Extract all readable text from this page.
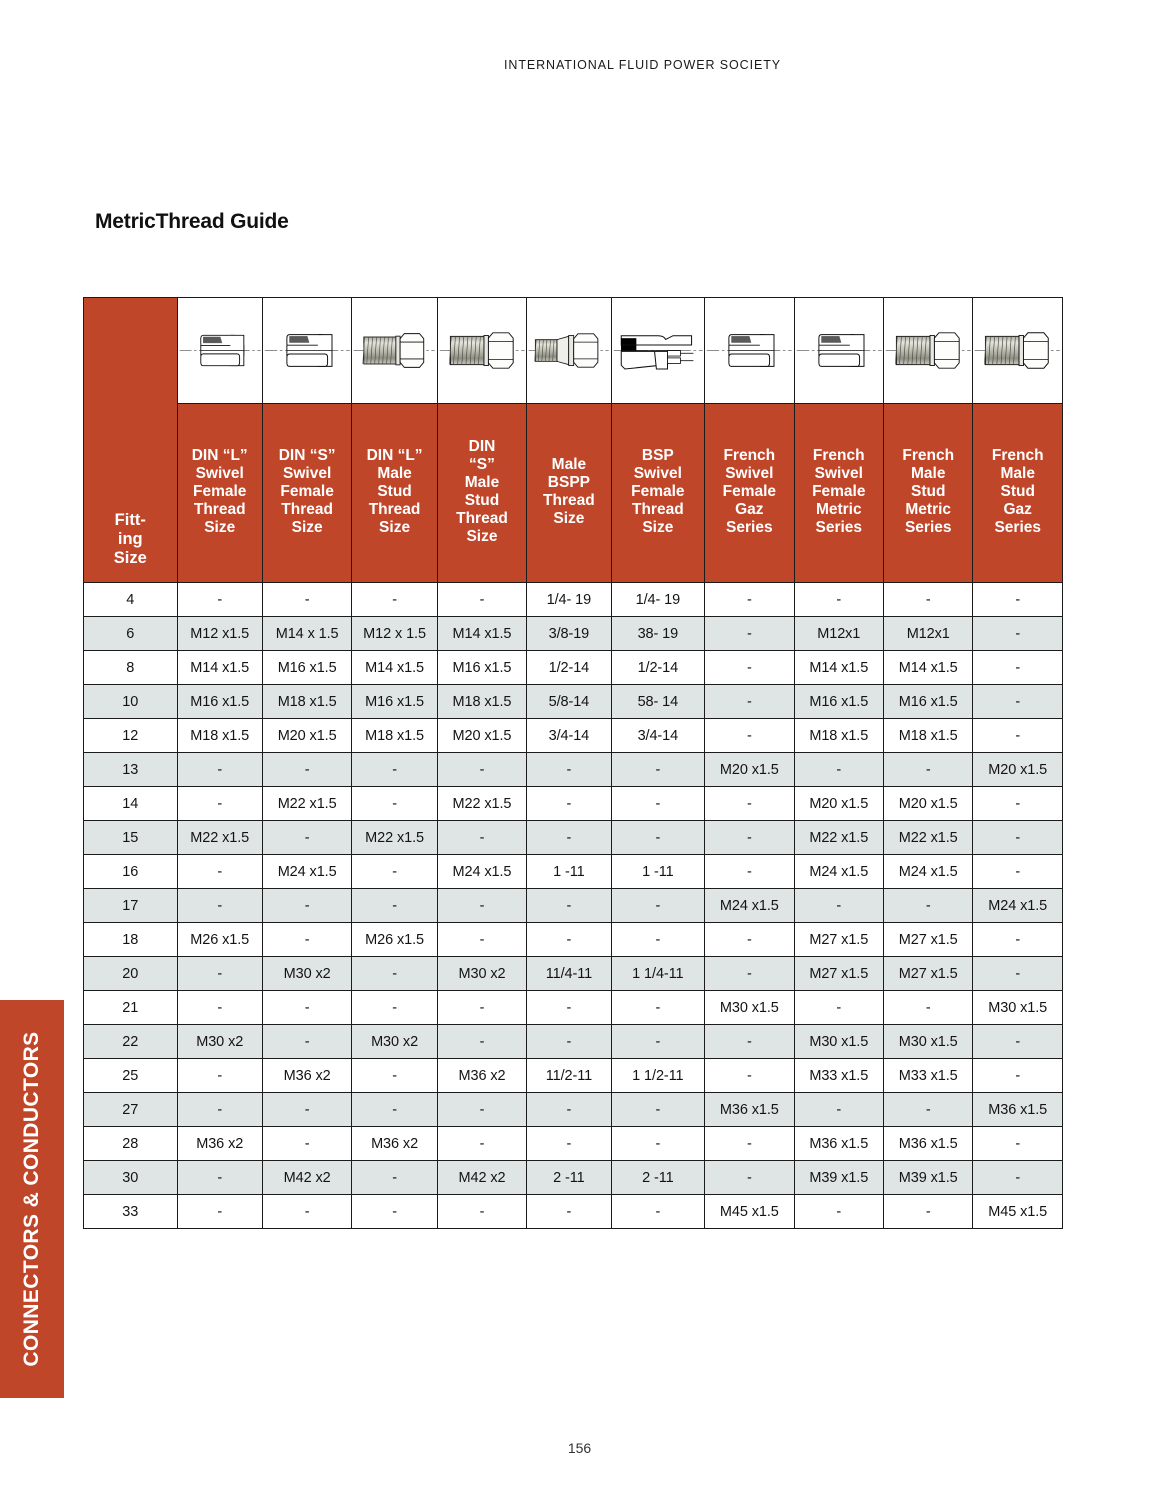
INTERNATIONAL FLUID POWER SOCIETY
MetricThread Guide
CONNECTORS & CONDUCTORS
Fitt-
ing
Size

DIN “L”
Swivel
Female
Thread
Size

DIN “S”
Swivel
Female
Thread
Size

DIN “L”
Male
Stud
Thread
Size

DIN
“S”
Male
Stud
Thread
Size

Male
BSPP
Thread
Size

BSP
Swivel
Female
Thread
Size

French
Swivel
Female
Gaz
Series

French
Swivel
Female
Metric
Series

French
Male
Stud
Metric
Series

French
Male
Stud
Gaz
Series

4	-	-	-	-	1/4- 19	1/4- 19	-	-	-	-
6	M12 x1.5	M14 x 1.5	M12 x 1.5	M14 x1.5	3/8-19	38- 19	-	M12x1	M12x1	-
8	M14 x1.5	M16 x1.5	M14 x1.5	M16 x1.5	1/2-14	1/2-14	-	M14 x1.5	M14 x1.5	-
10	M16 x1.5	M18 x1.5	M16 x1.5	M18 x1.5	5/8-14	58- 14	-	M16 x1.5	M16 x1.5	-
12	M18 x1.5	M20 x1.5	M18 x1.5	M20 x1.5	3/4-14	3/4-14	-	M18 x1.5	M18 x1.5	-
13	-	-	-	-	-	-	M20 x1.5	-	-	M20 x1.5
14	-	M22 x1.5	-	M22 x1.5	-	-	-	M20 x1.5	M20 x1.5	-
15	M22 x1.5	-	M22 x1.5	-	-	-	-	M22 x1.5	M22 x1.5	-
16	-	M24 x1.5	-	M24 x1.5	1 -11	1 -11	-	M24 x1.5	M24 x1.5	-
17	-	-	-	-	-	-	M24 x1.5	-	-	M24 x1.5
18	M26 x1.5	-	M26 x1.5	-	-	-	-	M27 x1.5	M27 x1.5	-
20	-	M30 x2	-	M30 x2	11/4-11	1 1/4-11	-	M27 x1.5	M27 x1.5	-
21	-	-	-	-	-	-	M30 x1.5	-	-	M30 x1.5
22	M30 x2	-	M30 x2	-	-	-	-	M30 x1.5	M30 x1.5	-
25	-	M36 x2	-	M36 x2	11/2-11	1 1/2-11	-	M33 x1.5	M33 x1.5	-
27	-	-	-	-	-	-	M36 x1.5	-	-	M36 x1.5
28	M36 x2	-	M36 x2	-	-	-	-	M36 x1.5	M36 x1.5	-
30	-	M42 x2	-	M42 x2	2 -11	2 -11	-	M39 x1.5	M39 x1.5	-
33	-	-	-	-	-	-	M45 x1.5	-	-	M45 x1.5
156
